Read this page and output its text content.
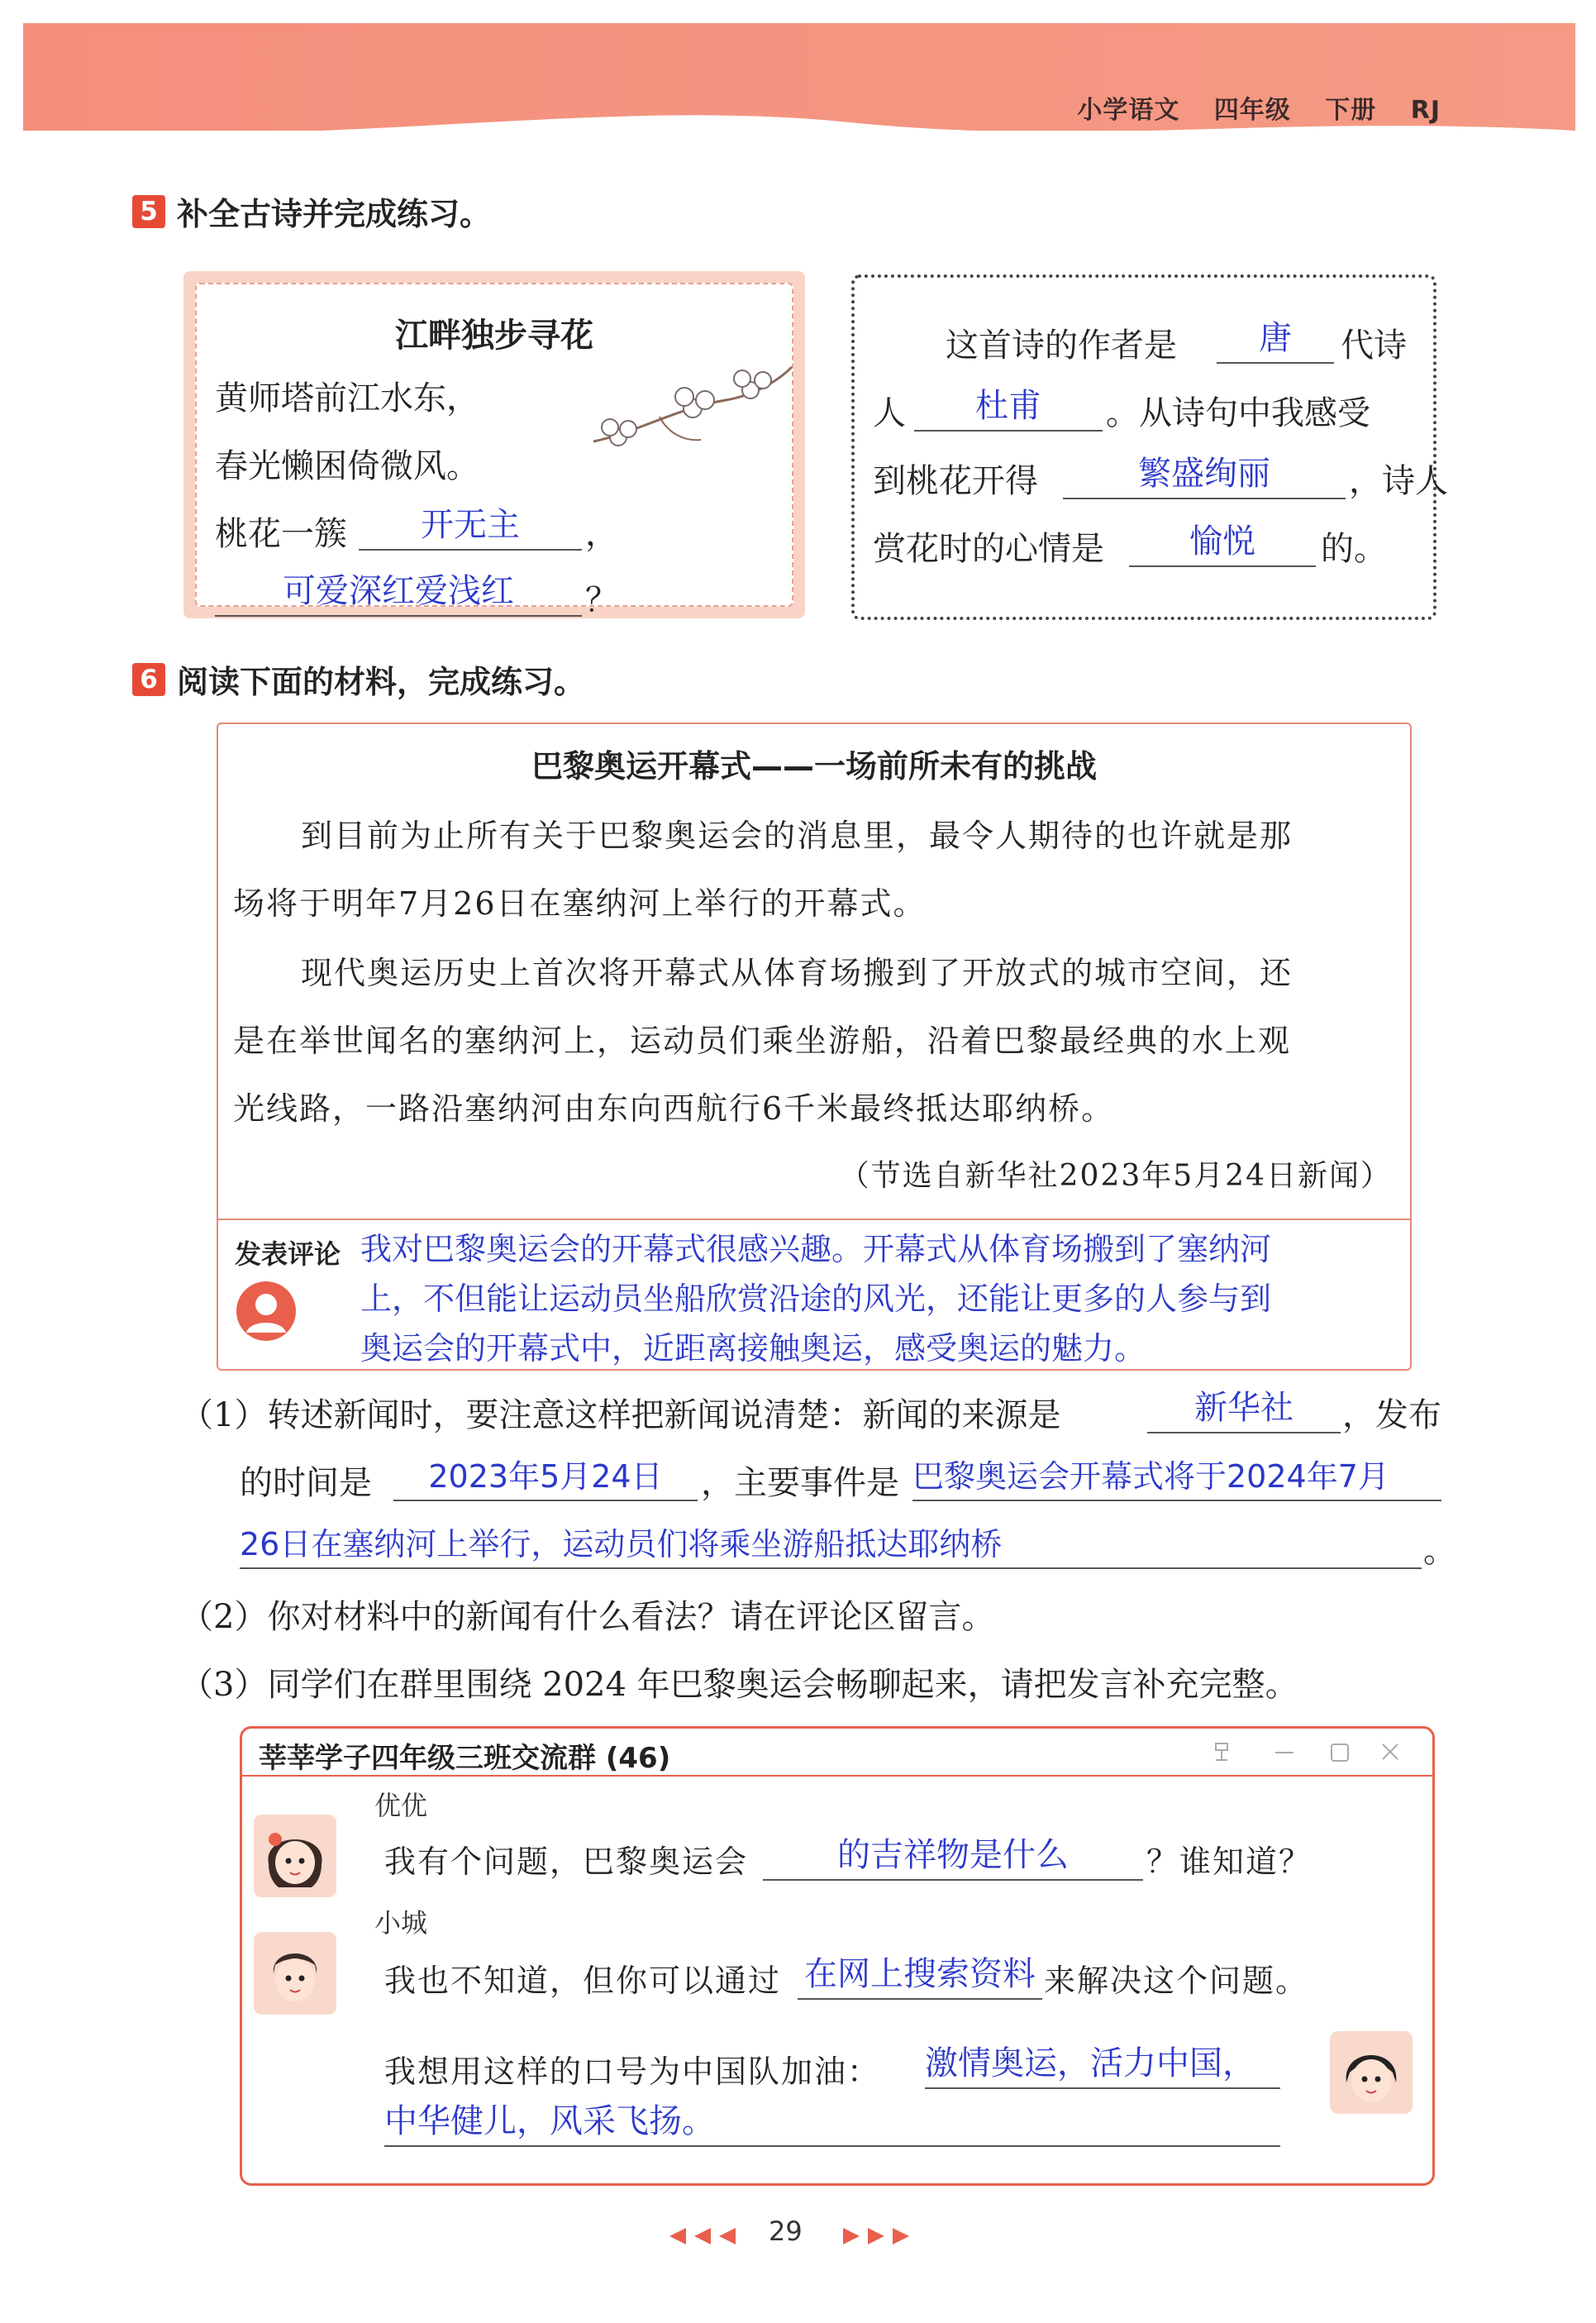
小学语文 四年级 下册 RJ
5 补全古诗并完成练习。
江畔独步寻花
黄师塔前江水东，
春光懒困倚微风。
桃花一簇	开无主	，
可爱深红爱浅红	？
这首诗的作者是	唐	代诗
人	杜甫	。从诗句中我感受
到桃花开得	繁盛绚丽	，诗人
赏花时的心情是	愉悦	的。
6 阅读下面的材料，完成练习。
巴黎奥运开幕式——一场前所未有的挑战
到目前为止所有关于巴黎奥运会的消息里，最令人期待的也许就是那
场将于明年7月26日在塞纳河上举行的开幕式。
现代奥运历史上首次将开幕式从体育场搬到了开放式的城市空间，还
是在举世闻名的塞纳河上，运动员们乘坐游船，沿着巴黎最经典的水上观
光线路，一路沿塞纳河由东向西航行6千米最终抵达耶纳桥。
（节选自新华社2023年5月24日新闻）
发表评论 我对巴黎奥运会的开幕式很感兴趣。开幕式从体育场搬到了塞纳河
上，不但能让运动员坐船欣赏沿途的风光，还能让更多的人参与到
奥运会的开幕式中，近距离接触奥运，感受奥运的魅力。
（1）转述新闻时，要注意这样把新闻说清楚：新闻的来源是	新华社	，发布
的时间是	2023年5月24日	，主要事件是 巴黎奥运会开幕式将于2024年7月
26日在塞纳河上举行，运动员们将乘坐游船抵达耶纳桥	。
（2）你对材料中的新闻有什么看法？请在评论区留言。
（3）同学们在群里围绕 2024 年巴黎奥运会畅聊起来，请把发言补充完整。
莘莘学子四年级三班交流群 (46)
优优
我有个问题，巴黎奥运会	的吉祥物是什么	？谁知道？
小城
我也不知道，但你可以通过 在网上搜索资料 来解决这个问题。
我想用这样的口号为中国队加油： 激情奥运，活力中国，
中华健儿，风采飞扬。
29
